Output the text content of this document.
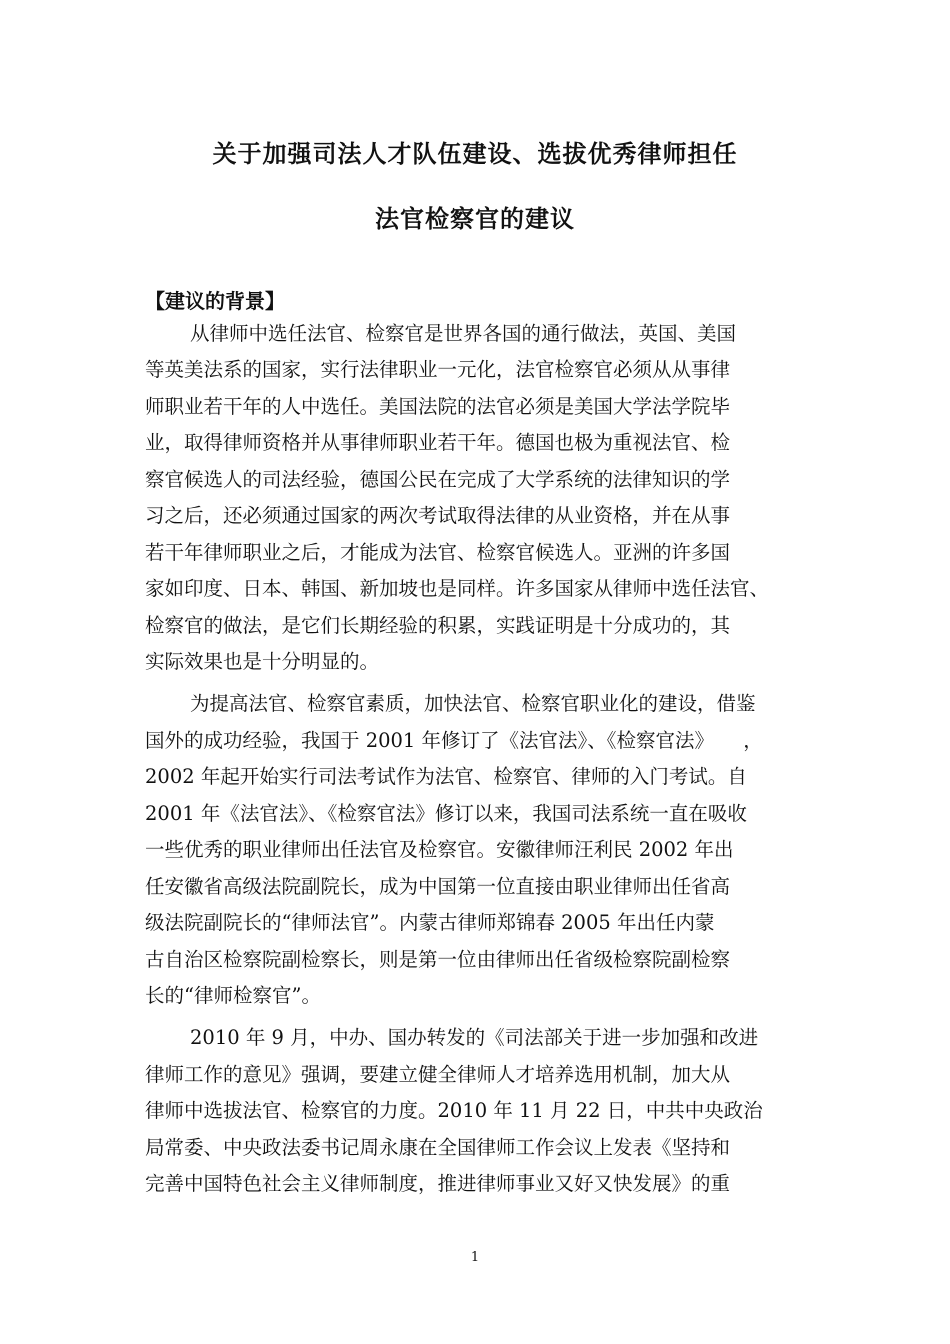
关于加强司法人才队伍建设、选拔优秀律师担任
法官检察官的建议
【建议的背景】
从律师中选任法官、检察官是世界各国的通行做法，英国、美国
等英美法系的国家，实行法律职业一元化，法官检察官必须从从事律
师职业若干年的人中选任。美国法院的法官必须是美国大学法学院毕
业，取得律师资格并从事律师职业若干年。德国也极为重视法官、检
察官候选人的司法经验，德国公民在完成了大学系统的法律知识的学
习之后，还必须通过国家的两次考试取得法律的从业资格，并在从事
若干年律师职业之后，才能成为法官、检察官候选人。亚洲的许多国
家如印度、日本、韩国、新加坡也是同样。许多国家从律师中选任法官、
检察官的做法，是它们长期经验的积累，实践证明是十分成功的，其
实际效果也是十分明显的。
为提高法官、检察官素质，加快法官、检察官职业化的建设，借鉴
国外的成功经验，我国于 2001 年修订了《法官法》、《检察官法》　　，
2002 年起开始实行司法考试作为法官、检察官、律师的入门考试。自
2001 年《法官法》、《检察官法》修订以来，我国司法系统一直在吸收
一些优秀的职业律师出任法官及检察官。安徽律师汪利民 2002 年出
任安徽省高级法院副院长，成为中国第一位直接由职业律师出任省高
级法院副院长的“律师法官”。内蒙古律师郑锦春 2005 年出任内蒙
古自治区检察院副检察长，则是第一位由律师出任省级检察院副检察
长的“律师检察官”。
2010 年 9 月，中办、国办转发的《司法部关于进一步加强和改进
律师工作的意见》强调，要建立健全律师人才培养选用机制，加大从
律师中选拔法官、检察官的力度。2010 年 11 月 22 日，中共中央政治
局常委、中央政法委书记周永康在全国律师工作会议上发表《坚持和
完善中国特色社会主义律师制度，推进律师事业又好又快发展》的重
1
